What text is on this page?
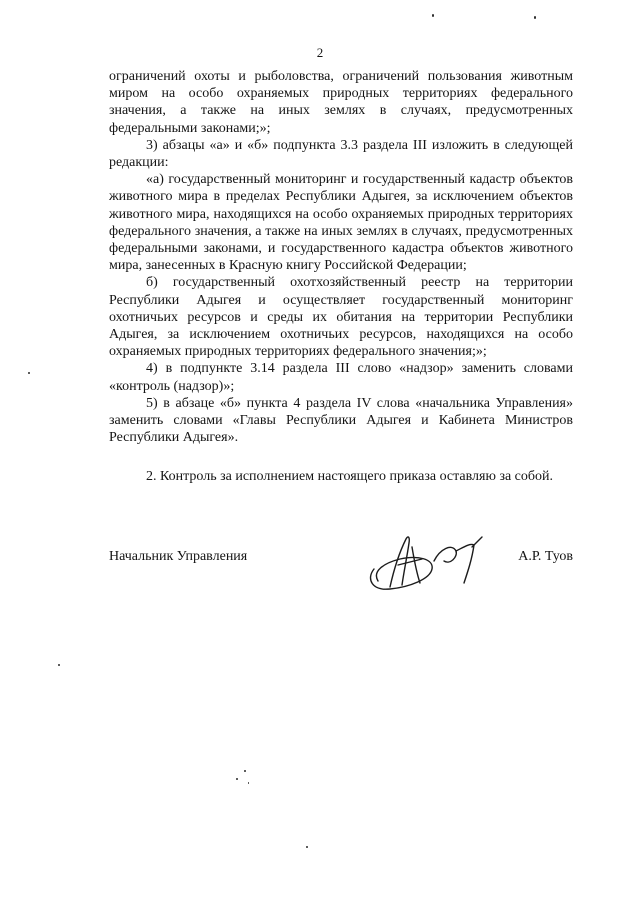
2

ограничений охоты и рыболовства, ограничений пользования животным миром на особо охраняемых природных территориях федерального значения, а также на иных землях в случаях, предусмотренных федеральными законами;»;

3) абзацы «а» и «б» подпункта 3.3 раздела III изложить в следующей редакции:

«а) государственный мониторинг и государственный кадастр объектов животного мира в пределах Республики Адыгея, за исключением объектов животного мира, находящихся на особо охраняемых природных территориях федерального значения, а также на иных землях в случаях, предусмотренных федеральными законами, и государственного кадастра объектов животного мира, занесенных в Красную книгу Российской Федерации;

б) государственный охотхозяйственный реестр на территории Республики Адыгея и осуществляет государственный мониторинг охотничьих ресурсов и среды их обитания на территории Республики Адыгея, за исключением охотничьих ресурсов, находящихся на особо охраняемых природных территориях федерального значения;»;

4) в подпункте 3.14 раздела III слово «надзор» заменить словами «контроль (надзор)»;

5) в абзаце «б» пункта 4 раздела IV слова «начальника Управления» заменить словами «Главы Республики Адыгея и Кабинета Министров Республики Адыгея».

2. Контроль за исполнением настоящего приказа оставляю за собой.

Начальник Управления	А.Р. Туов
